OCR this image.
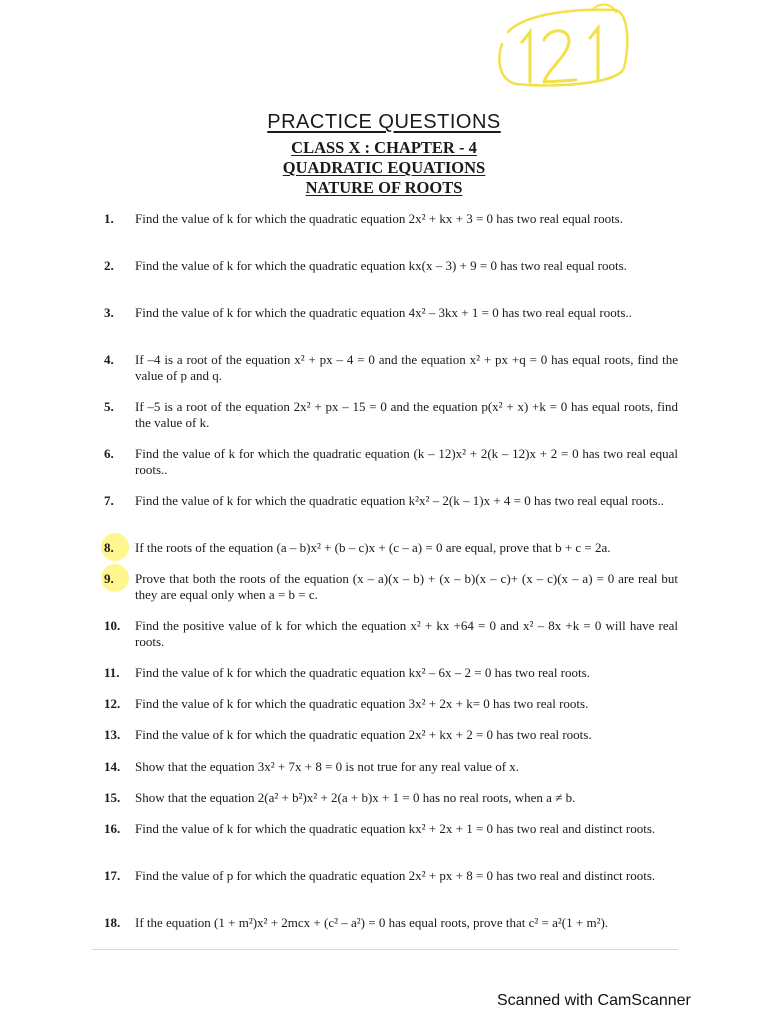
PRACTICE QUESTIONS
CLASS X : CHAPTER - 4
QUADRATIC EQUATIONS
NATURE OF ROOTS
1.	Find the value of k for which the quadratic equation 2x² + kx + 3 = 0 has two real equal roots.
2.	Find the value of k for which the quadratic equation kx(x – 3) + 9 = 0 has two real equal roots.
3.	Find the value of k for which the quadratic equation 4x² – 3kx + 1 = 0 has two real equal roots..
4.	If –4 is a root of the equation x² + px – 4 = 0 and the equation x² + px +q = 0 has equal roots, find the value of p and q.
5.	If –5 is a root of the equation 2x² + px – 15 = 0 and the equation p(x² + x) +k = 0 has equal roots, find the value of k.
6.	Find the value of k for which the quadratic equation (k – 12)x² + 2(k – 12)x + 2 = 0 has two real equal roots..
7.	Find the value of k for which the quadratic equation k²x² – 2(k – 1)x + 4 = 0 has two real equal roots..
8.	If the roots of the equation (a – b)x² + (b – c)x + (c – a) = 0 are equal, prove that b + c = 2a.
9.	Prove that both the roots of the equation (x – a)(x – b) + (x – b)(x – c)+ (x – c)(x – a) = 0 are real but they are equal only when a = b = c.
10.	Find the positive value of k for which the equation x² + kx +64 = 0 and x² – 8x +k = 0 will have real roots.
11.	Find the value of k for which the quadratic equation kx² – 6x – 2 = 0 has two real roots.
12.	Find the value of k for which the quadratic equation 3x² + 2x + k= 0 has two real roots.
13.	Find the value of k for which the quadratic equation 2x² + kx + 2 = 0 has two real roots.
14.	Show that the equation 3x² + 7x + 8 = 0 is not true for any real value of x.
15.	Show that the equation 2(a² + b²)x² + 2(a + b)x + 1 = 0 has no real roots, when a ≠ b.
16.	Find the value of k for which the quadratic equation kx² + 2x + 1 = 0 has two real and distinct roots.
17.	Find the value of p for which the quadratic equation 2x² + px + 8 = 0 has two real and distinct roots.
18.	If the equation (1 + m²)x² + 2mcx + (c² – a²) = 0 has equal roots, prove that c² = a²(1 + m²).
Scanned with CamScanner
